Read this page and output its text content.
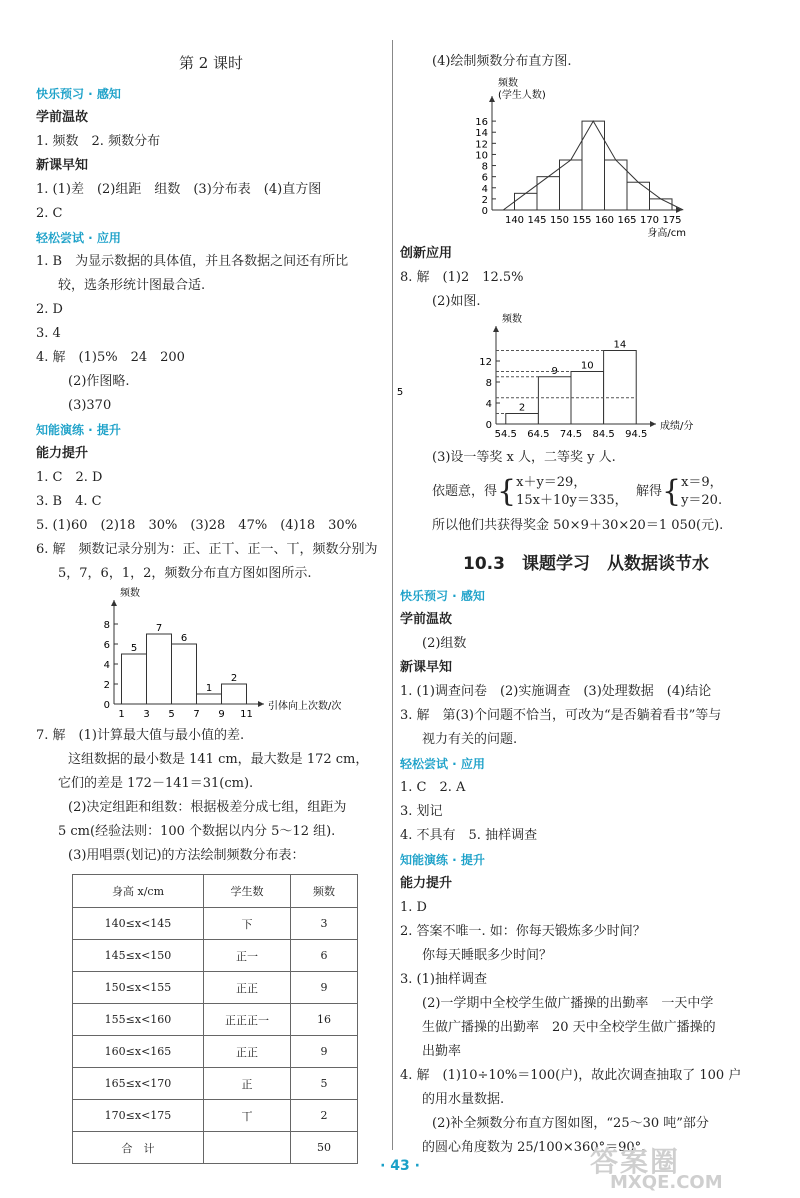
第 2 课时
快乐预习 · 感知
学前温故
1. 频数　2. 频数分布
新课早知
1. (1)差　(2)组距　组数　(3)分布表　(4)直方图
2. C
轻松尝试 · 应用
1. B　为显示数据的具体值，并且各数据之间还有所比
较，选条形统计图最合适.
2. D
3. 4
4. 解　(1)5%　24　200
(2)作图略.
(3)370
知能演练 · 提升
能力提升
1. C　2. D
3. B　4. C
5. (1)60　(2)18　30%　(3)28　47%　(4)18　30%
6. 解　频数记录分别为：正、正丅、正一、丅，频数分别为
5，7，6，1，2，频数分布直方图如图所示.
0
2
4
6
8
5
7
6
1
2
1 3 5 7 9 11
频数
引体向上次数/次
7. 解　(1)计算最大值与最小值的差.
这组数据的最小数是 141 cm，最大数是 172 cm，
它们的差是 172－141＝31(cm).
(2)决定组距和组数：根据极差分成七组，组距为
5 cm(经验法则：100 个数据以内分 5～12 组).
(3)用唱票(划记)的方法绘制频数分布表：
身高 x/cm	学生数	频数
140≤x<145	下	3
145≤x<150	正一	6
150≤x<155	正正	9
155≤x<160	正正正一	16
160≤x<165	正正	9
165≤x<170	正	5
170≤x<175	丅	2
合　计		50
(4)绘制频数分布直方图.
0
2
4
6
8
10
12
14
16
140 145 150 155 160 165 170 175
频数
(学生人数)
身高/cm
创新应用
8. 解　(1)2　12.5%
(2)如图.
0
4
8
12
2
9 10
14
5
54.5 64.5 74.5 84.5 94.5
频数
成绩/分
(3)设一等奖 x 人，二等奖 y 人.
依题意，得{ x＋y＝29，
15x＋10y＝335，
解得{ x＝9，
y＝20.
所以他们共获得奖金 50×9＋30×20＝1 050(元).
10.3　课题学习　从数据谈节水
快乐预习 · 感知
学前温故
(2)组数
新课早知
1. (1)调查问卷　(2)实施调查　(3)处理数据　(4)结论
3. 解　第(3)个问题不恰当，可改为“是否躺着看书”等与
视力有关的问题.
轻松尝试 · 应用
1. C　2. A
3. 划记
4. 不具有　5. 抽样调查
知能演练 · 提升
能力提升
1. D
2. 答案不唯一. 如：你每天锻炼多少时间？
你每天睡眠多少时间？
3. (1)抽样调查
(2)一学期中全校学生做广播操的出勤率　一天中学
生做广播操的出勤率　20 天中全校学生做广播操的
出勤率
4. 解　(1)10÷10%＝100(户)，故此次调查抽取了 100 户
的用水量数据.
(2)补全频数分布直方图如图，“25～30 吨”部分
的圆心角度数为 25/100×360°＝90°.
· 43 ·	答案圈
MXQE.COM
